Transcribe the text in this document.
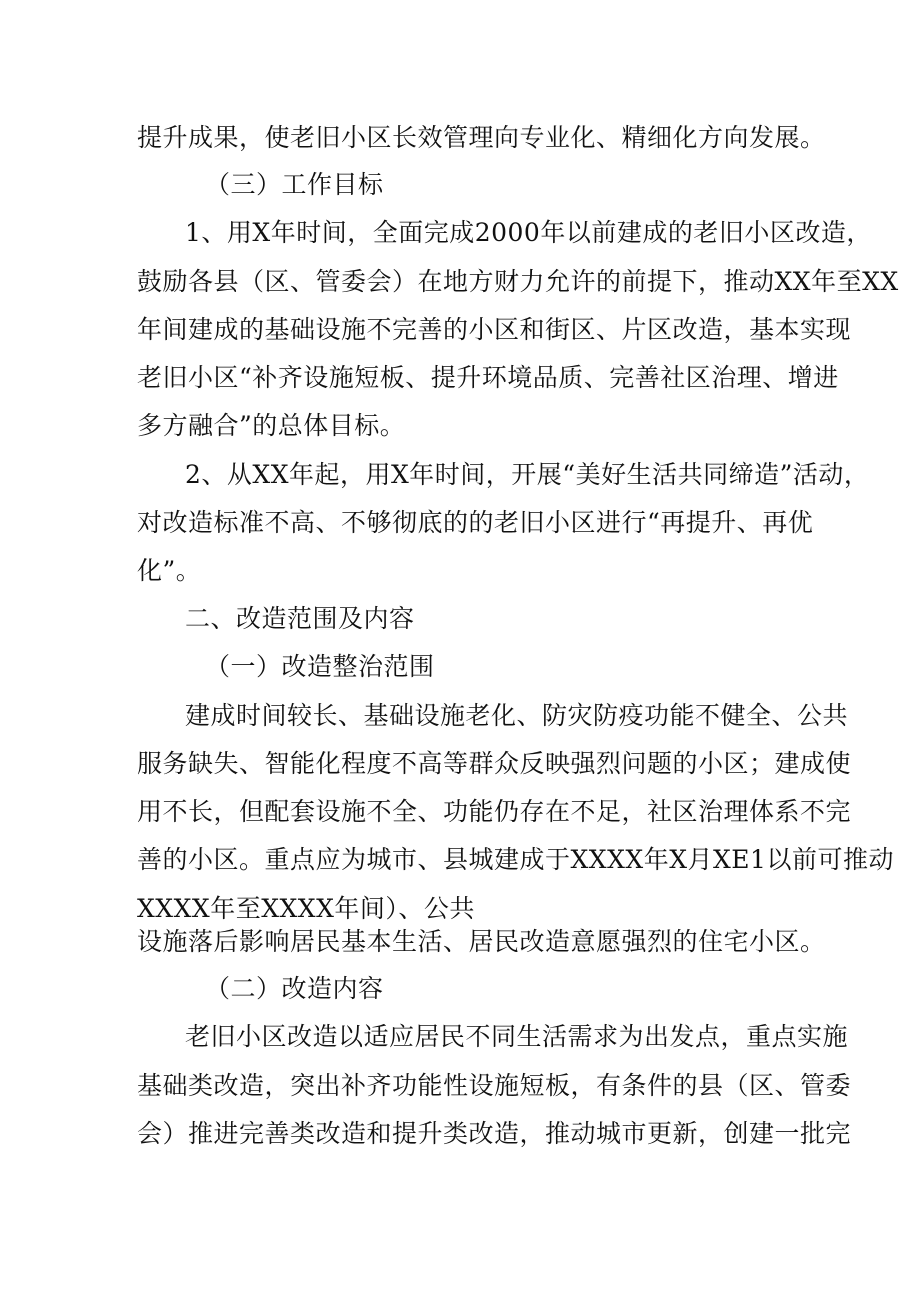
提升成果，使老旧小区长效管理向专业化、精细化方向发展。
（三）工作目标
1、用X年时间，全面完成2000年以前建成的老旧小区改造，
鼓励各县（区、管委会）在地方财力允许的前提下，推动XX年至XX
年间建成的基础设施不完善的小区和街区、片区改造，基本实现
老旧小区“补齐设施短板、提升环境品质、完善社区治理、增进
多方融合”的总体目标。
2、从XX年起，用X年时间，开展“美好生活共同缔造”活动，
对改造标准不高、不够彻底的的老旧小区进行“再提升、再优
化”。
二、改造范围及内容
（一）改造整治范围
建成时间较长、基础设施老化、防灾防疫功能不健全、公共
服务缺失、智能化程度不高等群众反映强烈问题的小区；建成使
用不长，但配套设施不全、功能仍存在不足，社区治理体系不完
善的小区。重点应为城市、县城建成于XXXX年X月XE1以前可推动
XXXX年至XXXX年间）、公共
设施落后影响居民基本生活、居民改造意愿强烈的住宅小区。
（二）改造内容
老旧小区改造以适应居民不同生活需求为出发点，重点实施
基础类改造，突出补齐功能性设施短板，有条件的县（区、管委
会）推进完善类改造和提升类改造，推动城市更新，创建一批完
